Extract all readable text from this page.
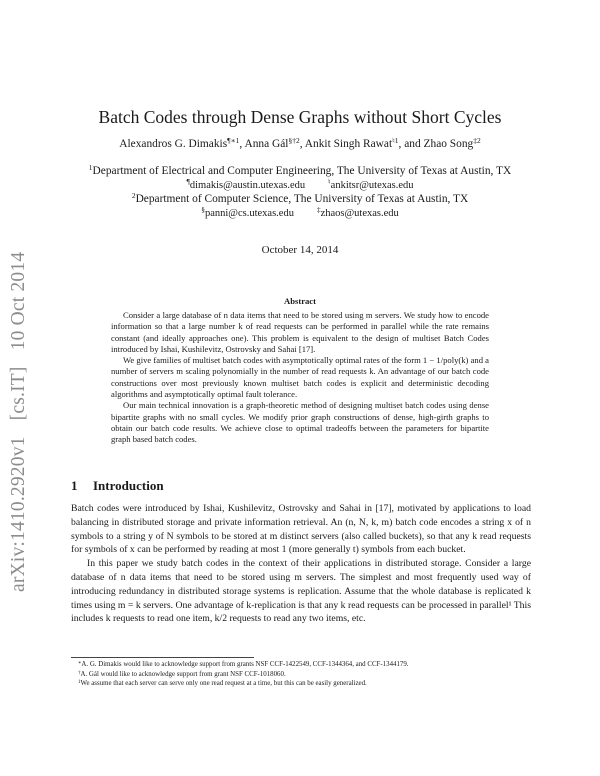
arXiv:1410.2920v1 [cs.IT] 10 Oct 2014
Batch Codes through Dense Graphs without Short Cycles
Alexandros G. Dimakis$^{\P∗1}$, Anna Gál$^{\S\dagger 2}$, Ankit Singh Rawat$^{♮1}$, and Zhao Song$^{\ddagger 2}$
$^1$Department of Electrical and Computer Engineering, The University of Texas at Austin, TX
¶dimakis@austin.utexas.edu	♮ankitsr@utexas.edu
$^2$Department of Computer Science, The University of Texas at Austin, TX
§panni@cs.utexas.edu	‡zhaos@utexas.edu
October 14, 2014
Abstract

Consider a large database of n data items that need to be stored using m servers. We study how to encode information so that a large number k of read requests can be performed in parallel while the rate remains constant (and ideally approaches one). This problem is equivalent to the design of multiset Batch Codes introduced by Ishai, Kushilevitz, Ostrovsky and Sahai [17].

We give families of multiset batch codes with asymptotically optimal rates of the form 1 − 1/poly(k) and a number of servers m scaling polynomially in the number of read requests k. An advantage of our batch code constructions over most previously known multiset batch codes is explicit and deterministic decoding algorithms and asymptotically optimal fault tolerance.

Our main technical innovation is a graph-theoretic method of designing multiset batch codes using dense bipartite graphs with no small cycles. We modify prior graph constructions of dense, high-girth graphs to obtain our batch code results. We achieve close to optimal tradeoffs between the parameters for bipartite graph based batch codes.

1 Introduction

Batch codes were introduced by Ishai, Kushilevitz, Ostrovsky and Sahai in [17], motivated by applications to load balancing in distributed storage and private information retrieval. An (n, N, k, m) batch code encodes a string x of n symbols to a string y of N symbols to be stored at m distinct servers (also called buckets), so that any k read requests for symbols of x can be performed by reading at most 1 (more generally t) symbols from each bucket.

In this paper we study batch codes in the context of their applications in distributed storage. Consider a large database of n data items that need to be stored using m servers. The simplest and most frequently used way of introducing redundancy in distributed storage systems is replication. Assume that the whole database is replicated k times using m = k servers. One advantage of k-replication is that any k read requests can be processed in parallel¹ This includes k requests to read one item, k/2 requests to read any two items, etc.

∗A. G. Dimakis would like to acknowledge support from grants NSF CCF-1422549, CCF-1344364, and CCF-1344179.
†A. Gál would like to acknowledge support from grant NSF CCF-1018060.
$^1$We assume that each server can serve only one read request at a time, but this can be easily generalized.
